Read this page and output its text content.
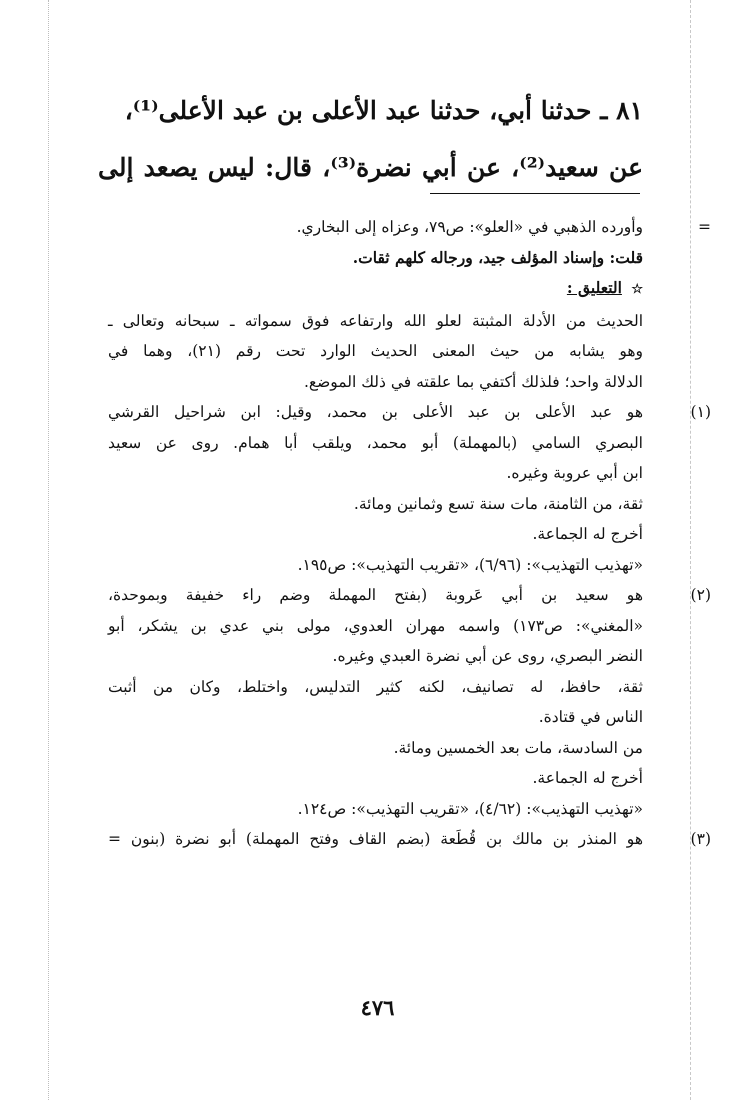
٨١ ـ حدثنا أبي، حدثنا عبد الأعلى بن عبد الأعلى⁽¹⁾،
عن سعيد⁽²⁾، عن أبي نضرة⁽³⁾، قال: ليس يصعد إلى
=
وأورده الذهبي في «العلو»: ص٧٩، وعزاه إلى البخاري.
قلت: وإسناد المؤلف جيد، ورجاله كلهم ثقات.
☆ التعليق :
الحديث من الأدلة المثبتة لعلو الله وارتفاعه فوق سمواته ـ سبحانه وتعالى ـ
وهو يشابه من حيث المعنى الحديث الوارد تحت رقم (٢١)، وهما في
الدلالة واحد؛ فلذلك أكتفي بما علقته في ذلك الموضع.
(١)
هو عبد الأعلى بن عبد الأعلى بن محمد، وقيل: ابن شراحيل القرشي
البصري السامي (بالمهملة) أبو محمد، ويلقب أبا همام. روى عن سعيد
ابن أبي عروبة وغيره.
ثقة، من الثامنة، مات سنة تسع وثمانين ومائة.
أخرج له الجماعة.
«تهذيب التهذيب»: (٦/٩٦)، «تقريب التهذيب»: ص١٩٥.
(٢)
هو سعيد بن أبي عَروبة (بفتح المهملة وضم راء خفيفة وبموحدة،
«المغني»: ص١٧٣) واسمه مهران العدوي، مولى بني عدي بن يشكر، أبو
النضر البصري، روى عن أبي نضرة العبدي وغيره.
ثقة، حافظ، له تصانيف، لكنه كثير التدليس، واختلط، وكان من أثبت
الناس في قتادة.
من السادسة، مات بعد الخمسين ومائة.
أخرج له الجماعة.
«تهذيب التهذيب»: (٤/٦٢)، «تقريب التهذيب»: ص١٢٤.
(٣)
هو المنذر بن مالك بن قُطَعة (بضم القاف وفتح المهملة) أبو نضرة (بنون =
٤٧٦
